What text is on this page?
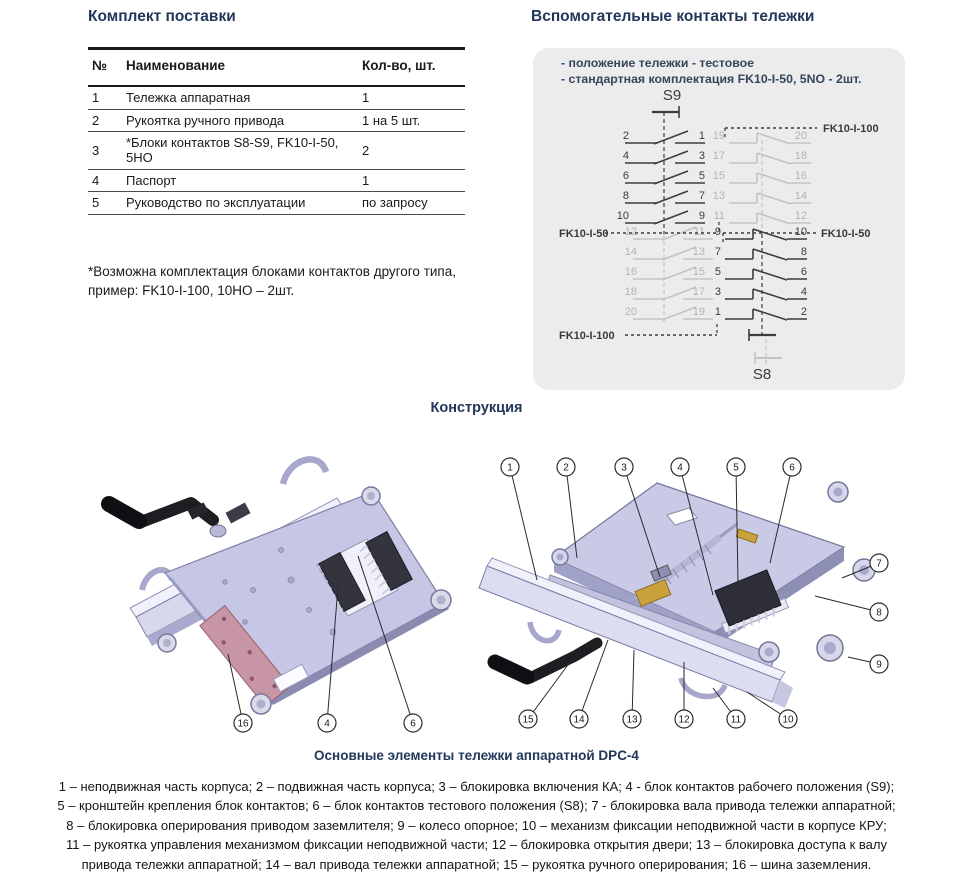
Комплект поставки
№	Наименование	Кол-во, шт.
1	Тележка аппаратная	1
2	Рукоятка ручного привода	1 на 5 шт.
3	*Блоки контактов S8-S9, FK10-I-50, 5НО	2
4	Паспорт	1
5	Руководство по эксплуатации	по запросу
*Возможна комплектация блоками контактов другого типа,
пример: FK10-I-100, 10НО – 2шт.
Вспомогательные контакты тележки
- положение тележки - тестовое
- стандартная комплектация FK10-I-50, 5NO - 2шт.
S9
2	1
4	3
6	5
8	7
10	9
12	11
14	13
16	15
18	17
20	19
FK10-I-50
FK10-I-100
FK10-I-100
19	20
17	18
15	16
13	14
11	12
9	10
7	8
5	6
3	4
1	2
FK10-I-50
S8
Конструкция
16	4	6
1	2	3	4	5	6
7
8
9
10
11
12
13
14
15
Основные элементы тележки аппаратной DPC-4
1 – неподвижная часть корпуса; 2 – подвижная часть корпуса; 3 – блокировка включения КА; 4 - блок контактов рабочего положения (S9);
5 – кронштейн крепления блок контактов; 6 – блок контактов тестового положения (S8); 7 - блокировка вала привода тележки аппаратной;
8 – блокировка оперирования приводом заземлителя; 9 – колесо опорное; 10 – механизм фиксации неподвижной части в корпусе КРУ;
11 – рукоятка управления механизмом фиксации неподвижной части; 12 – блокировка открытия двери; 13 – блокировка доступа к валу
привода тележки аппаратной; 14 – вал привода тележки аппаратной; 15 – рукоятка ручного оперирования; 16 – шина заземления.
